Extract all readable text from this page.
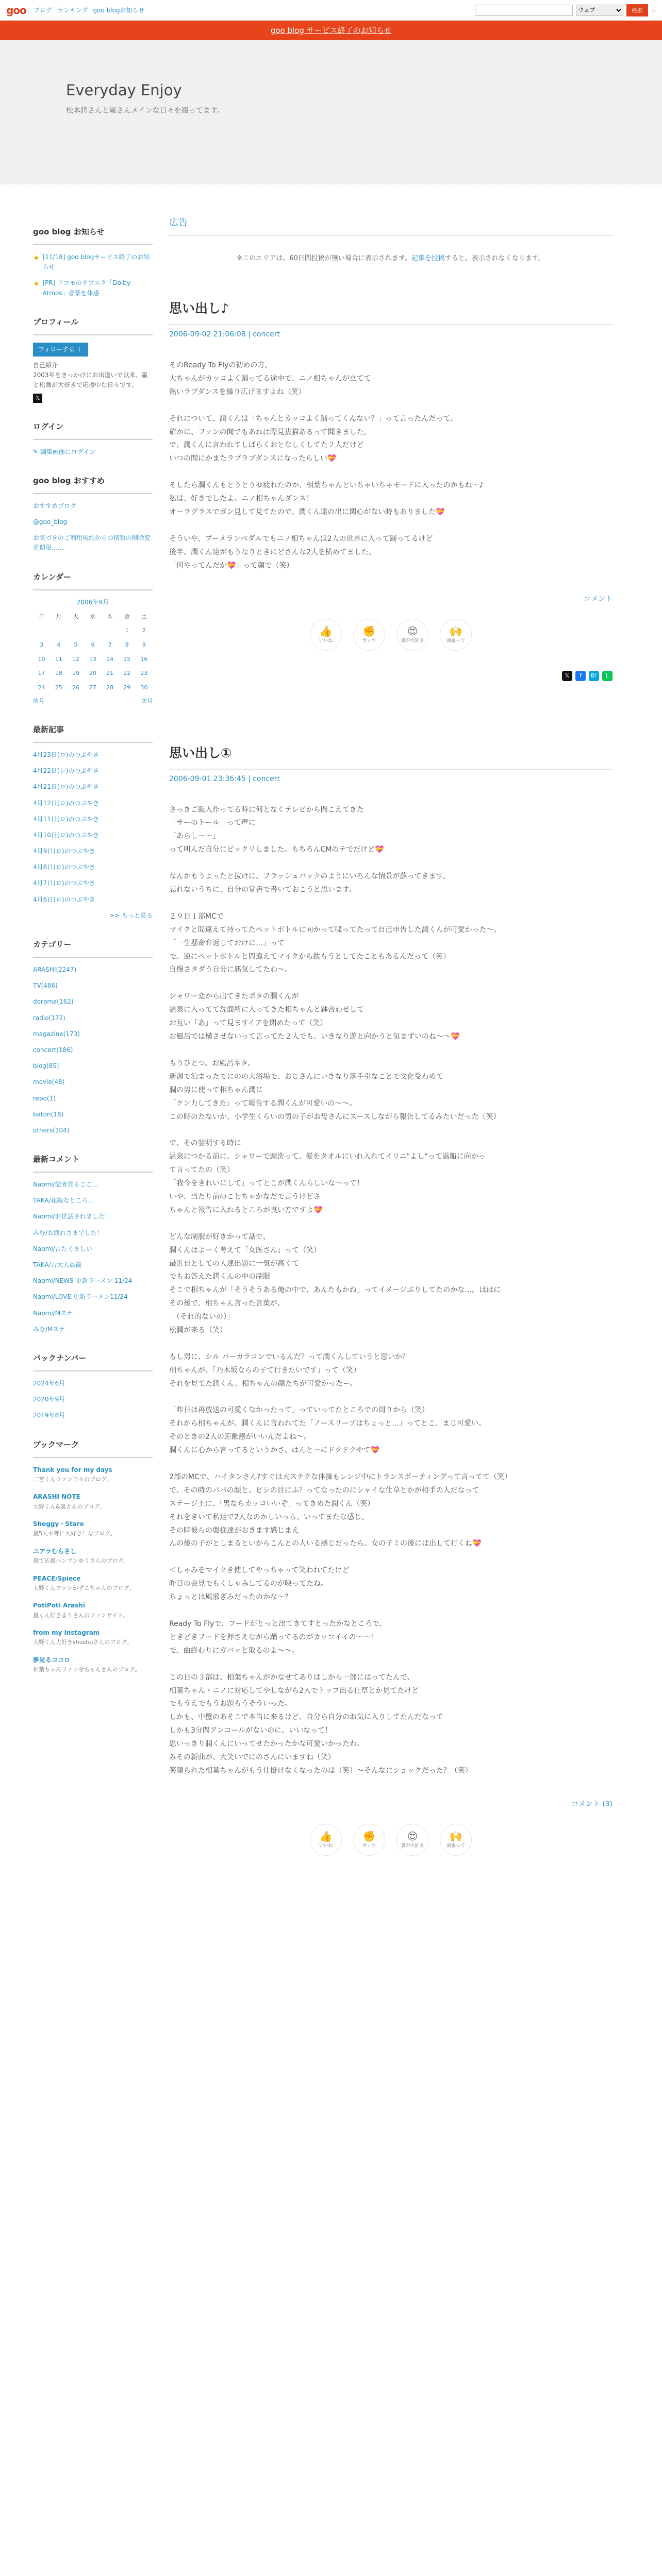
goo ブログ ランキング goo blogお知らせ
ウェブ	検索	≡
goo blog サービス終了のお知らせ
Everyday Enjoy
松本潤さんと嵐さんメインな日々を綴ってます。
goo blog お知らせ
★ [11/18] goo blogサービス終了のお知らせ
★ [PR] ドコモのサブスク「Dolby Atmos」音楽を体感
プロフィール
フォローする ＋
自己紹介
2003年をきっかけにお出逢いで以来、嵐と松潤が大好きで応援中な日々です。
𝕏
ログイン
✎ 編集画面にログイン
goo blog おすすめ
おすすめブログ
@goo_blog
お気づきのご利用規約からの情報の削除変更期限……
カレンダー
2006年9月
日	月	火	水	木	金	土
					1	2
3	4	5	6	7	8	9
10	11	12	13	14	15	16
17	18	19	20	21	22	23
24	25	26	27	28	29	30
前月	次月
最新記事
4月23日(ロ)のつぶやき
4月22日(シ)のつぶやき
4月21日(ロ)のつぶやき
4月12日(ロ)のつぶやき
4月11日(ロ)のつぶやき
4月10日(ロ)のつぶやき
4月9日(ロ)のつぶやき
4月8日(ロ)のつぶやき
4月7日(ロ)のつぶやき
4月6日(ロ)のつぶやき
>> もっと見る
カテゴリー
ARASHI(2247)
TV(486)
dorama(162)
radio(172)
magazine(173)
concert(186)
blog(85)
movie(48)
repo(1)
baton(18)
others(104)
最新コメント
Naomi/記者見るここ...
TAKA/花嫁なところ...
Naomi/お世話されました！
みむ/お疲れさまでした！
Naomi/吉たくましい
TAKA/吉大人最高
Naomi/NEWS 更新ラーメン 11/24
Naomi/LOVE 更新ラーメン11/24
Naomi/Mステ
みむ/Mステ
バックナンバー
2024年6月
2020年9月
2019年8月
ブックマーク
Thank you for my days
二宮くんファン日々のブログ。
ARASHI NOTE
大野くん&嵐さんのブログ。
Sheggy・Stare
嵐5人平等に大好き！なブログ。
ユアラむらさし
嵐で応援ハンアンゆうさんのブログ。
PEACE/Spiece
大野くんファンかずこちゃんのブログ。
PotiPoti Arashi
嵐くん好きまりさんのファンサイト。
from my instagram
大野くん大好きshushuさんのブログ。
夢見るココロ
相葉ちゃんファン令ちゃんさんのブログ。
広告
※このエリアは、60日間投稿が無い場合に表示されます。記事を投稿すると、表示されなくなります。
思い出し♪
2006-09-02 21:06:08 | concert

そのReady To Flyの初めの方。
大ちゃんがカッコよく踊ってる途中で、ニノ相ちゃんが立てて
熱いラブダンスを繰り広げますよね（笑）

それについて、潤くんは「ちゃんとカッコよく踊ってくんない？」って言ったんだって。
確かに、ファンの間でもあれは際見抜猫あるって聞きました。
で、潤くんに言われてしばらくおとなしくしてた２人だけど
いつの間にかまたラブラブダンスになったらしい💝

そしたら潤くんもとうとうゆ疲れたのか、相葉ちゃんといちゃいちゃモードに入ったのかもね～♪
私は、好きでしたよ。ニノ相ちゃんダンス！
オーラグラスでガン見して見てたので、潤くん達の出に関心がない時もありました💝

そういや、ブーメランベダルでもニノ相ちゃんは2人の世界に入って踊ってるけど
後半、潤くん達がもうなりときにどさんな2人を横めてました。
「何やってんだか💝」って顔で（笑）

コメント
👍
いいね
✊
ガッツ
😍
嵐が大好き
🙌
頭張って
𝕏	f	B!	L
思い出し①
2006-09-01 23:36:45 | concert

さっきご飯入作ってる時に何となくテレビから聞こえてきた
「サーのトール」って声に
「あらしー～」
って叫んだ自分にビックリしました。もちろんCMのテでだけど💝

なんかもうよったと抜けに、フラッシュバックのようにいろんな情景が蘇ってきます。
忘れないうちに、自分の覚書で書いておこうと思います。

２９日１部MCで
マイクと間違えて持ってたペットボトルに向かって喋ってたって自己申告した潤くんが可愛かった～。
「一生懸命弁返しておけに…」って
で、逆にペットボトルと間違えてマイクから飲もうとしてたこともあるんだって（笑）
自慢さタダう自分に悪気してたわ～。

シャワー変から出てきたポタの潤くんが
温泉に入ってて洗面所に入ってきた相ちゃんと鉢合わせして
お互い「あ」って見ますイアを閉めたって（笑）
お風呂では横させないって言ってた２人でも、いきなり遊と向かうと気まずいのね～～💝

もうひとつ。お風呂ネタ。
新潟で泊まったでにのの大浴場で、おじさんにいきなり落手引なことで文化受わめて
潤の男に使って相ちゃん潤に
「ケン力してきた」って報告する潤くんが可愛いの～～。
この時のたないか、小学生くらいの男の子がお母さんにスースしながら報告してるみたいだった（笑）

で、その翌明する時に
温泉につかる前に、シャワーで頭洗って、髪をタオルにいれ入れてイリニ"よし"って温船に向かっ
て言ってたの（笑）
「我今をきれいにして」ってとこが潤くんらしいな～って！
いや、当たり前のことちゃかなだで言うけどさ
ちゃんと報告に入れるところが良い方ですよ💝

どんな制服が好きかって話で、
潤くんはよーく考えて「女医さん」って（笑）
最近自としての人達出題に一気が高くて
でもお答えた潤くんの中の制服
そこで相ちゃんが「そうそうある俺の中で、あんたもかね」ってイメージぶりしてたのかな…。ははに
その後で、相ちゃん言った言葉が、
「（それ的ないの）」
松潤が来る（笑）

もし男に、シル バーカラコンでいるんだ？って潤くんしていうと思いか？
相ちゃんが、「乃木坂ならの子て行きたいです」って（笑）
それを見てた潤くん、相ちゃんの顔たちが可愛かったー。

「昨日は再放送の可愛くなかったって」っていってたところでの周りから（笑）
それから相ちゃんが、潤くんに言われてた「ノースリーブはちょっと…」ってとこ、まじ可愛い。
そのときの2人の距離感がいいんだよね～。
潤くんに心から言ってるというかさ、はんとーにドクドクやて💝

2部のMCで、ハイタンさん?すぐは大ステクな体操もレンジ中にトランスポーティングって言ってて（笑）
で、その時のパパの顔と、ピシの目にふ？ってなったのにシャイな仕草とかが相手の人だなって
ステージ上に、「男ならカッコいいぞ」ってきめた潤くん（笑）
それをきいて私達で2人なのかしいっら、いってまたな感じ。
その時彼らの奥様達がおきます感じまえ
んの後の子がとしまるといからこんとの人いる感じだったら、女の子ミの後には出して行くね💝

＜しゃみをマイクき使してやっちゃって笑われてたけど
昨日の会見でもくしゃみしてるのが映ってたね。
ちょっとは風邪ぎみだったのかな～？

Ready To Flyで、フードがとっと出てきてすとったかなところで、
ときどきフードを押さえながら踊ってるのがカッコイイの～～！
で、曲終わりにガバッと取るのよ～～。

この日の３部は、相葉ちゃんがかなせてありはしから一部にはってたんで、
相葉ちゃん・ニノに対応してやしながら2人でトップ出る仕草とか見てたけど
でもうえでもうお題もうそういった。
しかも、中盤のあそこで本当に来るけど、自分ら自分のお気に入りしてたんだなって
しかも3分間アンコールがないのに、いいなって！
思いっきり潤くんにいってせたかったかな可愛いかったわ。
みその新曲が、大笑いでにのさんにいますね（笑）
笑顔られた相葉ちゃんがもう仕掛けなくなったのは（笑）～そんなにショックだった？（笑）

コメント (3)
👍
いいね
✊
ガッツ
😍
嵐が大好き
🙌
頭張って
